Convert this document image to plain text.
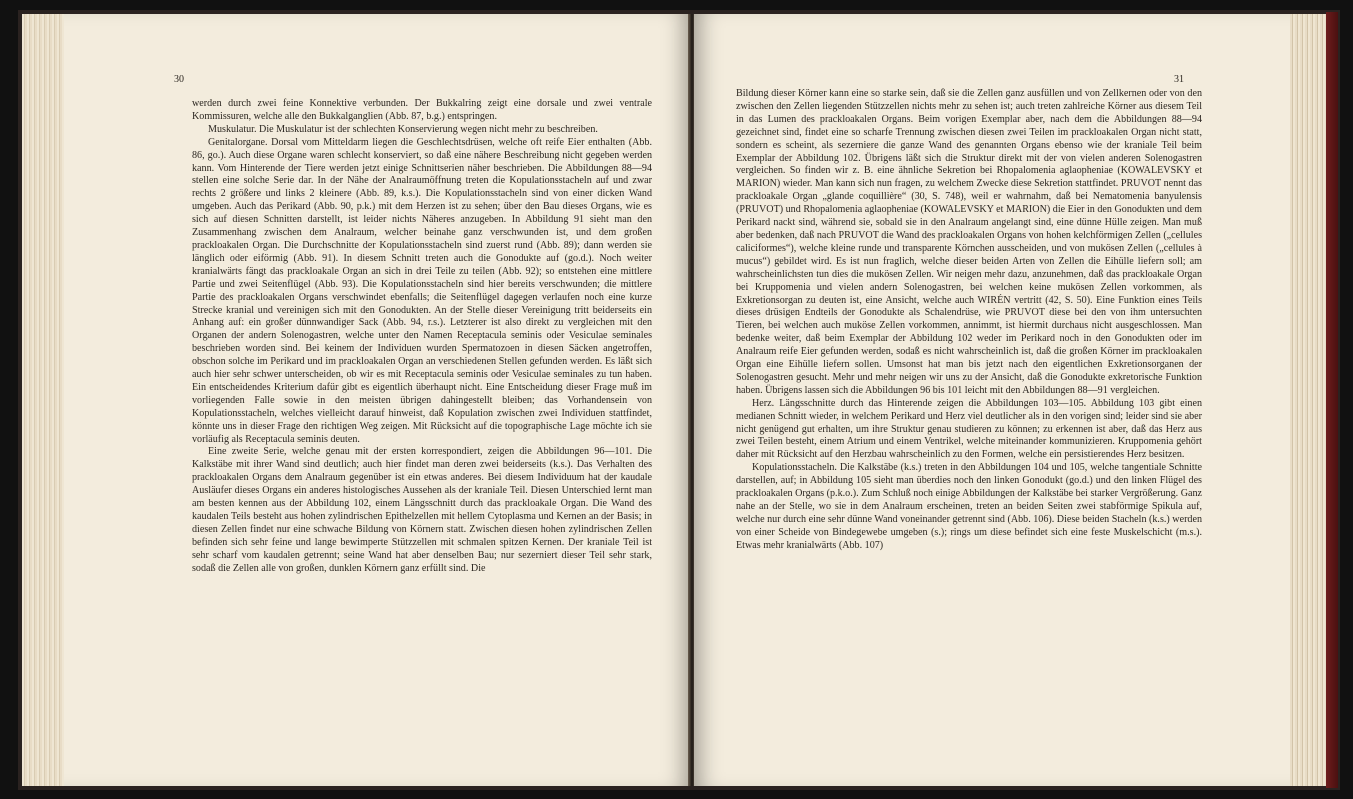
30

werden durch zwei feine Konnektive verbunden. Der Bukkalring zeigt eine dorsale und zwei ventrale Kommissuren, welche alle den Bukkalganglien (Abb. 87, b.g.) entspringen.

Muskulatur. Die Muskulatur ist der schlechten Konservierung wegen nicht mehr zu beschreiben.

Genitalorgane. Dorsal vom Mitteldarm liegen die Geschlechtsdrüsen, welche oft reife Eier enthalten (Abb. 86, go.). Auch diese Organe waren schlecht konserviert, so daß eine nähere Beschreibung nicht gegeben werden kann. Vom Hinterende der Tiere werden jetzt einige Schnittserien näher beschrieben. Die Abbildungen 88—94 stellen eine solche Serie dar. In der Nähe der Analraumöffnung treten die Kopulationsstacheln auf und zwar rechts 2 größere und links 2 kleinere (Abb. 89, k.s.). Die Kopulationsstacheln sind von einer dicken Wand umgeben. Auch das Perikard (Abb. 90, p.k.) mit dem Herzen ist zu sehen; über den Bau dieses Organs, wie es sich auf diesen Schnitten darstellt, ist leider nichts Näheres anzugeben. In Abbildung 91 sieht man den Zusammenhang zwischen dem Analraum, welcher beinahe ganz verschwunden ist, und dem großen prackloakalen Organ. Die Durchschnitte der Kopulationsstacheln sind zuerst rund (Abb. 89); dann werden sie länglich oder eiförmig (Abb. 91). In diesem Schnitt treten auch die Gonodukte auf (go.d.). Noch weiter kranialwärts fängt das prackloakale Organ an sich in drei Teile zu teilen (Abb. 92); so entstehen eine mittlere Partie und zwei Seitenflügel (Abb. 93). Die Kopulationsstacheln sind hier bereits verschwunden; die mittlere Partie des prackloakalen Organs verschwindet ebenfalls; die Seitenflügel dagegen verlaufen noch eine kurze Strecke kranial und vereinigen sich mit den Gonodukten. An der Stelle dieser Vereinigung tritt beiderseits ein Anhang auf: ein großer dünnwandiger Sack (Abb. 94, r.s.). Letzterer ist also direkt zu vergleichen mit den Organen der andern Solenogastren, welche unter den Namen Receptacula seminis oder Vesiculae seminales beschrieben worden sind. Bei keinem der Individuen wurden Spermatozoen in diesen Säcken angetroffen, obschon solche im Perikard und im prackloakalen Organ an verschiedenen Stellen gefunden werden. Es läßt sich auch hier sehr schwer unterscheiden, ob wir es mit Receptacula seminis oder Vesiculae seminales zu tun haben. Ein entscheidendes Kriterium dafür gibt es eigentlich überhaupt nicht. Eine Entscheidung dieser Frage muß im vorliegenden Falle sowie in den meisten übrigen dahingestellt bleiben; das Vorhandensein von Kopulationsstacheln, welches vielleicht darauf hinweist, daß Kopulation zwischen zwei Individuen stattfindet, könnte uns in dieser Frage den richtigen Weg zeigen. Mit Rücksicht auf die topographische Lage möchte ich sie vorläufig als Receptacula seminis deuten.

Eine zweite Serie, welche genau mit der ersten korrespondiert, zeigen die Abbildungen 96—101. Die Kalkstäbe mit ihrer Wand sind deutlich; auch hier findet man deren zwei beiderseits (k.s.). Das Verhalten des prackloakalen Organs dem Analraum gegenüber ist ein etwas anderes. Bei diesem Individuum hat der kaudale Ausläufer dieses Organs ein anderes histologisches Aussehen als der kraniale Teil. Diesen Unterschied lernt man am besten kennen aus der Abbildung 102, einem Längsschnitt durch das prackloakale Organ. Die Wand des kaudalen Teils besteht aus hohen zylindrischen Epithelzellen mit hellem Cytoplasma und Kernen an der Basis; in diesen Zellen findet nur eine schwache Bildung von Körnern statt. Zwischen diesen hohen zylindrischen Zellen befinden sich sehr feine und lange bewimperte Stützzellen mit schmalen spitzen Kernen. Der kraniale Teil ist sehr scharf vom kaudalen getrennt; seine Wand hat aber denselben Bau; nur sezerniert dieser Teil sehr stark, sodaß die Zellen alle von großen, dunklen Körnern ganz erfüllt sind. Die

31

Bildung dieser Körner kann eine so starke sein, daß sie die Zellen ganz ausfüllen und von Zellkernen oder von den zwischen den Zellen liegenden Stützzellen nichts mehr zu sehen ist; auch treten zahlreiche Körner aus diesem Teil in das Lumen des prackloakalen Organs. Beim vorigen Exemplar aber, nach dem die Abbildungen 88—94 gezeichnet sind, findet eine so scharfe Trennung zwischen diesen zwei Teilen im prackloakalen Organ nicht statt, sondern es scheint, als sezerniere die ganze Wand des genannten Organs ebenso wie der kraniale Teil beim Exemplar der Abbildung 102. Übrigens läßt sich die Struktur direkt mit der von vielen anderen Solenogastren vergleichen. So finden wir z. B. eine ähnliche Sekretion bei Rhopalomenia aglaopheniae (KOWALEVSKY et MARION) wieder. Man kann sich nun fragen, zu welchem Zwecke diese Sekretion stattfindet. PRUVOT nennt das prackloakale Organ „glande coquillière“ (30, S. 748), weil er wahrnahm, daß bei Nematomenia banyulensis (PRUVOT) und Rhopalomenia aglaopheniae (KOWALEVSKY et MARION) die Eier in den Gonodukten und dem Perikard nackt sind, während sie, sobald sie in den Analraum angelangt sind, eine dünne Hülle zeigen. Man muß aber bedenken, daß nach PRUVOT die Wand des prackloakalen Organs von hohen kelchförmigen Zellen („cellules caliciformes“), welche kleine runde und transparente Körnchen ausscheiden, und von mukösen Zellen („cellules à mucus“) gebildet wird. Es ist nun fraglich, welche dieser beiden Arten von Zellen die Eihülle liefern soll; am wahrscheinlichsten tun dies die mukösen Zellen. Wir neigen mehr dazu, anzunehmen, daß das prackloakale Organ bei Kruppomenia und vielen andern Solenogastren, bei welchen keine mukösen Zellen vorkommen, als Exkretionsorgan zu deuten ist, eine Ansicht, welche auch WIRÉN vertritt (42, S. 50). Eine Funktion eines Teils dieses drüsigen Endteils der Gonodukte als Schalendrüse, wie PRUVOT diese bei den von ihm untersuchten Tieren, bei welchen auch muköse Zellen vorkommen, annimmt, ist hiermit durchaus nicht ausgeschlossen. Man bedenke weiter, daß beim Exemplar der Abbildung 102 weder im Perikard noch in den Gonodukten oder im Analraum reife Eier gefunden werden, sodaß es nicht wahrscheinlich ist, daß die großen Körner im prackloakalen Organ eine Eihülle liefern sollen. Umsonst hat man bis jetzt nach den eigentlichen Exkretionsorganen der Solenogastren gesucht. Mehr und mehr neigen wir uns zu der Ansicht, daß die Gonodukte exkretorische Funktion haben. Übrigens lassen sich die Abbildungen 96 bis 101 leicht mit den Abbildungen 88—91 vergleichen.

Herz. Längsschnitte durch das Hinterende zeigen die Abbildungen 103—105. Abbildung 103 gibt einen medianen Schnitt wieder, in welchem Perikard und Herz viel deutlicher als in den vorigen sind; leider sind sie aber nicht genügend gut erhalten, um ihre Struktur genau studieren zu können; zu erkennen ist aber, daß das Herz aus zwei Teilen besteht, einem Atrium und einem Ventrikel, welche miteinander kommunizieren. Kruppomenia gehört daher mit Rücksicht auf den Herzbau wahrscheinlich zu den Formen, welche ein persistierendes Herz besitzen.

Kopulationsstacheln. Die Kalkstäbe (k.s.) treten in den Abbildungen 104 und 105, welche tangentiale Schnitte darstellen, auf; in Abbildung 105 sieht man überdies noch den linken Gonodukt (go.d.) und den linken Flügel des prackloakalen Organs (p.k.o.). Zum Schluß noch einige Abbildungen der Kalkstäbe bei starker Vergrößerung. Ganz nahe an der Stelle, wo sie in dem Analraum erscheinen, treten an beiden Seiten zwei stabförmige Spikula auf, welche nur durch eine sehr dünne Wand voneinander getrennt sind (Abb. 106). Diese beiden Stacheln (k.s.) werden von einer Scheide von Bindegewebe umgeben (s.); rings um diese befindet sich eine feste Muskelschicht (m.s.). Etwas mehr kranialwärts (Abb. 107)
